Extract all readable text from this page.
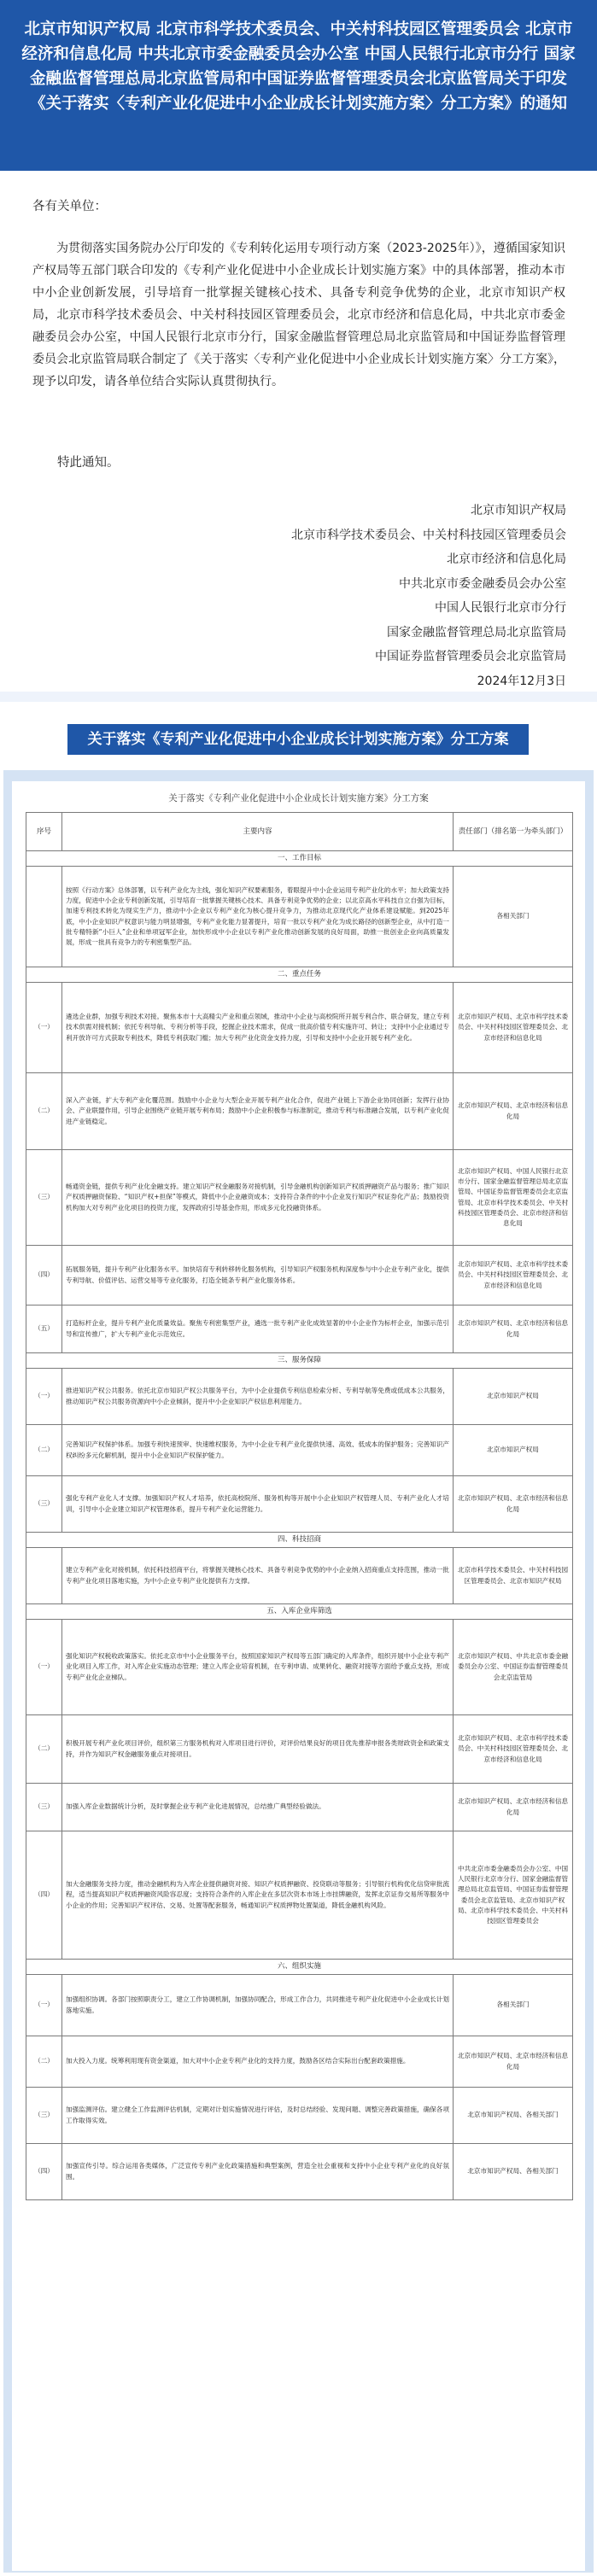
北京市知识产权局 北京市科学技术委员会、中关村科技园区管理委员会 北京市经济和信息化局 中共北京市委金融委员会办公室 中国人民银行北京市分行 国家金融监督管理总局北京监管局和中国证券监督管理委员会北京监管局关于印发《关于落实〈专利产业化促进中小企业成长计划实施方案〉分工方案》的通知
各有关单位：
为贯彻落实国务院办公厅印发的《专利转化运用专项行动方案（2023-2025年）》，遵循国家知识产权局等五部门联合印发的《专利产业化促进中小企业成长计划实施方案》中的具体部署，推动本市中小企业创新发展，引导培育一批掌握关键核心技术、具备专利竞争优势的企业，北京市知识产权局，北京市科学技术委员会、中关村科技园区管理委员会，北京市经济和信息化局，中共北京市委金融委员会办公室，中国人民银行北京市分行，国家金融监督管理总局北京监管局和中国证券监督管理委员会北京监管局联合制定了《关于落实〈专利产业化促进中小企业成长计划实施方案〉分工方案》，现予以印发，请各单位结合实际认真贯彻执行。
特此通知。
北京市知识产权局
北京市科学技术委员会、中关村科技园区管理委员会
北京市经济和信息化局
中共北京市委金融委员会办公室
中国人民银行北京市分行
国家金融监督管理总局北京监管局
中国证券监督管理委员会北京监管局
2024年12月3日
关于落实《专利产业化促进中小企业成长计划实施方案》分工方案
关于落实《专利产业化促进中小企业成长计划实施方案》分工方案
序号	主要内容	责任部门（排名第一为牵头部门）
一、工作目标		
	按照《行动方案》总体部署，以专利产业化为主线，强化知识产权要素服务，着眼提升中小企业运用专利产业化的水平；加大政策支持力度，促进中小企业专利创新发展，引导培育一批掌握关键核心技术、具备专利竞争优势的企业；以北京高水平科技自立自强为目标，加速专利技术转化为现实生产力，推动中小企业以专利产业化为核心提升竞争力，为推动北京现代化产业体系建设赋能。到2025年底，中小企业知识产权意识与能力明显增强，专利产业化能力显著提升，培育一批以专利产业化为成长路径的创新型企业，从中打造一批专精特新“小巨人”企业和单项冠军企业，加快形成中小企业以专利产业化推动创新发展的良好局面，助推一批创业企业向高质量发展，形成一批具有竞争力的专利密集型产品。	各相关部门
二、重点任务		
（一）	遴选企业群，加强专利技术对接。聚焦本市十大高精尖产业和重点领域，推动中小企业与高校院所开展专利合作、联合研发，建立专利技术供需对接机制；依托专利导航、专利分析等手段，挖掘企业技术需求，促成一批高价值专利实施许可、转让；支持中小企业通过专利开放许可方式获取专利技术，降低专利获取门槛；加大专利产业化资金支持力度，引导和支持中小企业开展专利产业化。	北京市知识产权局、北京市科学技术委员会、中关村科技园区管理委员会、北京市经济和信息化局
（二）	深入产业链，扩大专利产业化覆范围。鼓励中小企业与大型企业开展专利产业化合作，促进产业链上下游企业协同创新；发挥行业协会、产业联盟作用，引导企业围绕产业链开展专利布局；鼓励中小企业积极参与标准制定，推动专利与标准融合发展，以专利产业化促进产业链稳定。	北京市知识产权局、北京市经济和信息化局
（三）	畅通资金链，提供专利产业化金融支持。建立知识产权金融服务对接机制，引导金融机构创新知识产权质押融资产品与服务；推广知识产权质押融资保险、“知识产权+担保”等模式，降低中小企业融资成本；支持符合条件的中小企业发行知识产权证券化产品；鼓励投资机构加大对专利产业化项目的投资力度，发挥政府引导基金作用，形成多元化投融资体系。	北京市知识产权局、中国人民银行北京市分行、国家金融监督管理总局北京监管局、中国证券监督管理委员会北京监管局、北京市科学技术委员会、中关村科技园区管理委员会、北京市经济和信息化局
（四）	拓展服务链，提升专利产业化服务水平。加快培育专利转移转化服务机构，引导知识产权服务机构深度参与中小企业专利产业化，提供专利导航、价值评估、运营交易等专业化服务，打造全链条专利产业化服务体系。	北京市知识产权局、北京市科学技术委员会、中关村科技园区管理委员会、北京市经济和信息化局
（五）	打造标杆企业，提升专利产业化质量效益。聚焦专利密集型产业，遴选一批专利产业化成效显著的中小企业作为标杆企业，加强示范引导和宣传推广，扩大专利产业化示范效应。	北京市知识产权局、北京市经济和信息化局
三、服务保障		
（一）	推进知识产权公共服务。依托北京市知识产权公共服务平台，为中小企业提供专利信息检索分析、专利导航等免费或低成本公共服务，推动知识产权公共服务资源向中小企业倾斜，提升中小企业知识产权信息利用能力。	北京市知识产权局
（二）	完善知识产权保护体系。加强专利快速预审、快速维权服务，为中小企业专利产业化提供快速、高效、低成本的保护服务；完善知识产权纠纷多元化解机制，提升中小企业知识产权保护能力。	北京市知识产权局
（三）	强化专利产业化人才支撑。加强知识产权人才培养，依托高校院所、服务机构等开展中小企业知识产权管理人员、专利产业化人才培训，引导中小企业建立知识产权管理体系，提升专利产业化运营能力。	北京市知识产权局、北京市经济和信息化局
四、科技招商		
	建立专利产业化对接机制，依托科技招商平台，将掌握关键核心技术、具备专利竞争优势的中小企业纳入招商重点支持范围，推动一批专利产业化项目落地实施，为中小企业专利产业化提供有力支撑。	北京市科学技术委员会、中关村科技园区管理委员会、北京市知识产权局
五、入库企业库筛选		
（一）	强化知识产权税收政策落实。依托北京市中小企业服务平台，按照国家知识产权局等五部门确定的入库条件，组织开展中小企业专利产业化项目入库工作，对入库企业实施动态管理；建立入库企业培育机制，在专利申请、成果转化、融资对接等方面给予重点支持，形成专利产业化企业梯队。	北京市知识产权局、中共北京市委金融委员会办公室、中国证券监督管理委员会北京监管局
（二）	积极开展专利产业化项目评价，组织第三方服务机构对入库项目进行评价，对评价结果良好的项目优先推荐申报各类财政资金和政策支持，并作为知识产权金融服务重点对接项目。	北京市知识产权局、北京市科学技术委员会、中关村科技园区管理委员会、北京市经济和信息化局
（三）	加强入库企业数据统计分析，及时掌握企业专利产业化进展情况，总结推广典型经验做法。	北京市知识产权局、北京市经济和信息化局
（四）	加大金融服务支持力度，推动金融机构为入库企业提供融资对接、知识产权质押融资、投贷联动等服务；引导银行机构优化信贷审批流程，适当提高知识产权质押融资风险容忍度；支持符合条件的入库企业在多层次资本市场上市挂牌融资，发挥北京证券交易所等服务中小企业的作用；完善知识产权评估、交易、处置等配套服务，畅通知识产权质押物处置渠道，降低金融机构风险。	中共北京市委金融委员会办公室、中国人民银行北京市分行、国家金融监督管理总局北京监管局、中国证券监督管理委员会北京监管局、北京市知识产权局、北京市科学技术委员会、中关村科技园区管理委员会
六、组织实施		
（一）	加强组织协调。各部门按照职责分工，建立工作协调机制，加强协同配合，形成工作合力，共同推进专利产业化促进中小企业成长计划落地实施。	各相关部门
（二）	加大投入力度。统筹利用现有资金渠道，加大对中小企业专利产业化的支持力度，鼓励各区结合实际出台配套政策措施。	北京市知识产权局、北京市经济和信息化局
（三）	加强监测评估。建立健全工作监测评估机制，定期对计划实施情况进行评估，及时总结经验、发现问题、调整完善政策措施，确保各项工作取得实效。	北京市知识产权局、各相关部门
（四）	加强宣传引导。综合运用各类媒体，广泛宣传专利产业化政策措施和典型案例，营造全社会重视和支持中小企业专利产业化的良好氛围。	北京市知识产权局、各相关部门
